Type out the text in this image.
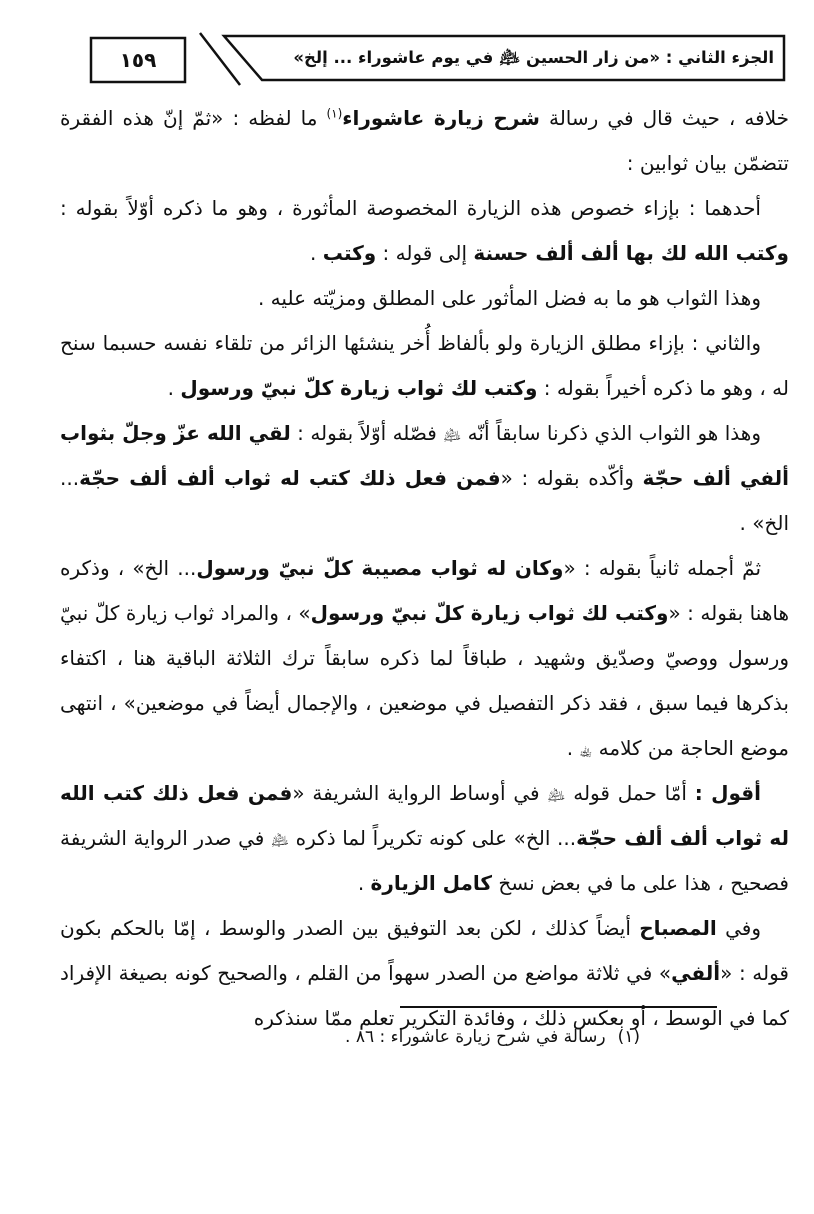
١٥٩	الجزء الثاني : «من زار الحسين ﵇ في يوم عاشوراء ... إلخ»

خلافه ، حيث قال في رسالة شرح زيارة عاشوراء$^{(١)}$ ما لفظه : «ثمّ إنّ هذه الفقرة تتضمّن بيان ثوابين :

أحدهما : بإزاء خصوص هذه الزيارة المخصوصة المأثورة ، وهو ما ذكره أوّلاً بقوله : وكتب الله لك بها ألف ألف حسنة إلى قوله : وكتب .

وهذا الثواب هو ما به فضل المأثور على المطلق ومزيّته عليه .

والثاني : بإزاء مطلق الزيارة ولو بألفاظ أُخر ينشئها الزائر من تلقاء نفسه حسبما سنح له ، وهو ما ذكره أخيراً بقوله : وكتب لك ثواب زيارة كلّ نبيّ ورسول .

وهذا هو الثواب الذي ذكرنا سابقاً أنّه ﵇ فصّله أوّلاً بقوله : لقي الله عزّ وجلّ بثواب ألفي ألف حجّة وأكّده بقوله : «فمن فعل ذلك كتب له ثواب ألف ألف حجّة... الخ» .

ثمّ أجمله ثانياً بقوله : «وكان له ثواب مصيبة كلّ نبيّ ورسول... الخ» ، وذكره هاهنا بقوله : «وكتب لك ثواب زيارة كلّ نبيّ ورسول» ، والمراد ثواب زيارة كلّ نبيّ ورسول ووصيّ وصدّيق وشهيد ، طباقاً لما ذكره سابقاً ترك الثلاثة الباقية هنا ، اكتفاء بذكرها فيما سبق ، فقد ذكر التفصيل في موضعين ، والإجمال أيضاً في موضعين» ، انتهى موضع الحاجة من كلامه ﵀ .

أقول : أمّا حمل قوله ﵇ في أوساط الرواية الشريفة «فمن فعل ذلك كتب الله له ثواب ألف ألف حجّة... الخ» على كونه تكريراً لما ذكره ﵇ في صدر الرواية الشريفة فصحيح ، هذا على ما في بعض نسخ كامل الزيارة .

وفي المصباح أيضاً كذلك ، لكن بعد التوفيق بين الصدر والوسط ، إمّا بالحكم بكون قوله : «ألفي» في ثلاثة مواضع من الصدر سهواً من القلم ، والصحيح كونه بصيغة الإفراد كما في الوسط ، أو بعكس ذلك ، وفائدة التكرير تعلم ممّا سنذكره

(١)
رسالة في شرح زيارة عاشوراء : ٨٦ .
